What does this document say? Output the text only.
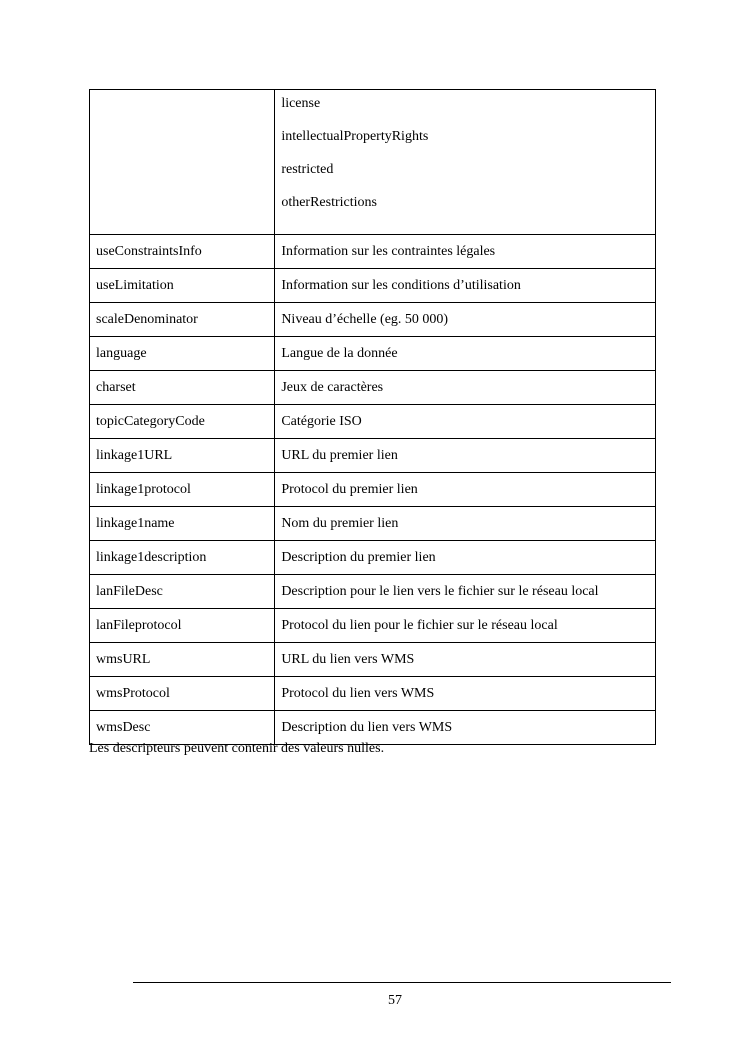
	license
intellectualPropertyRights
restricted
otherRestrictions

useConstraintsInfo	Information sur les contraintes légales
useLimitation	Information sur les conditions d’utilisation
scaleDenominator	Niveau d’échelle (eg. 50 000)
language	Langue de la donnée
charset	Jeux de caractères
topicCategoryCode	Catégorie ISO
linkage1URL	URL du premier lien
linkage1protocol	Protocol du premier lien
linkage1name	Nom du premier lien
linkage1description	Description du premier lien
lanFileDesc	Description pour le lien vers le fichier sur le réseau local
lanFileprotocol	Protocol du lien pour le fichier sur le réseau local
wmsURL	URL du lien vers WMS
wmsProtocol	Protocol du lien vers WMS
wmsDesc	Description du lien vers WMS

Les descripteurs peuvent contenir des valeurs nulles.

57
